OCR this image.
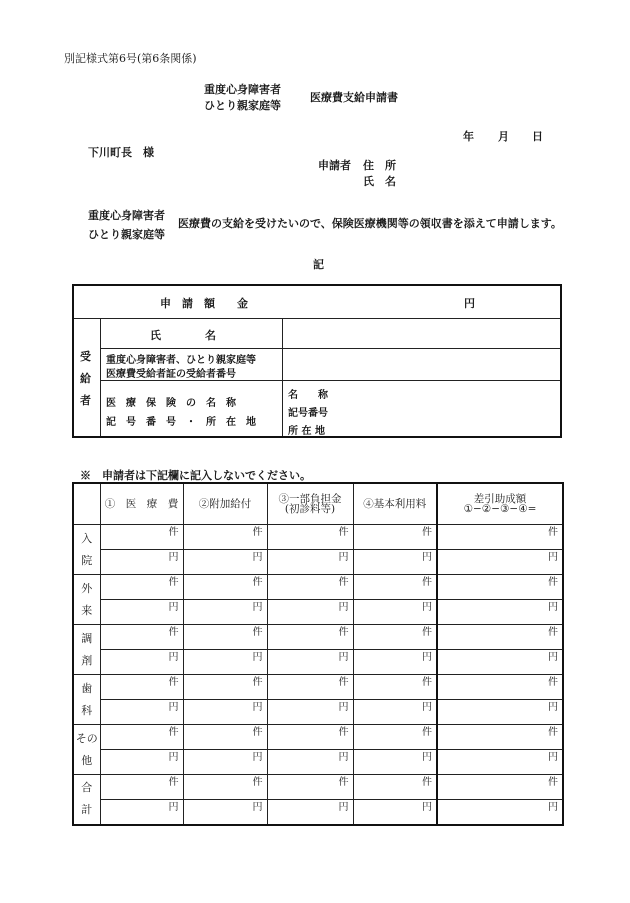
別記様式第6号(第6条関係)
重度心身障害者
ひとり親家庭等
医療費支給申請書
年 月 日
下川町長　様
申請者 住　所
氏　名
重度心身障害者
ひとり親家庭等
医療費の支給を受けたいので、保険医療機関等の領収書を添えて申請します。
記
申　請　額　　金	円
受
給
者
氏　　　　名
重度心身障害者、ひとり親家庭等
医療費受給者証の受給者番号
医　療　保　険　の　名　称
記　号　番　号　・　所　在　地
名　　称
記号番号
所 在 地
※　申請者は下記欄に記入しないでください。
	①　医　療　費	②附加給付	③一部負担金
(初診料等)	④基本利用料	差引助成額
①−②−③−④=

入
院	件	件	件	件	件
	円	円	円	円	円

外
来	件	件	件	件	件
	円	円	円	円	円

調
剤	件	件	件	件	件
	円	円	円	円	円

歯
科	件	件	件	件	件
	円	円	円	円	円

その
他	件	件	件	件	件
	円	円	円	円	円

合
計	件	件	件	件	件
	円	円	円	円	円
